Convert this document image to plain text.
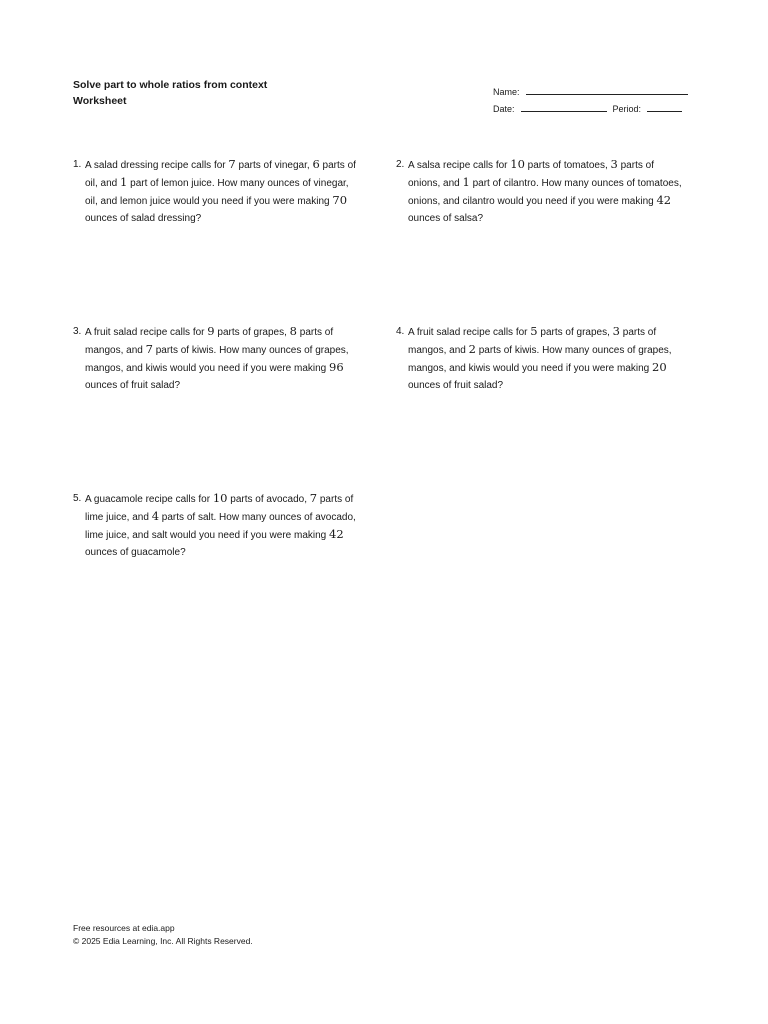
Solve part to whole ratios from context
Worksheet
Name:
Date:	Period:
1. A salad dressing recipe calls for 7 parts of vinegar, 6 parts of oil, and 1 part of lemon juice. How many ounces of vinegar, oil, and lemon juice would you need if you were making 70 ounces of salad dressing?
2. A salsa recipe calls for 10 parts of tomatoes, 3 parts of onions, and 1 part of cilantro. How many ounces of tomatoes, onions, and cilantro would you need if you were making 42 ounces of salsa?
3. A fruit salad recipe calls for 9 parts of grapes, 8 parts of mangos, and 7 parts of kiwis. How many ounces of grapes, mangos, and kiwis would you need if you were making 96 ounces of fruit salad?
4. A fruit salad recipe calls for 5 parts of grapes, 3 parts of mangos, and 2 parts of kiwis. How many ounces of grapes, mangos, and kiwis would you need if you were making 20 ounces of fruit salad?
5. A guacamole recipe calls for 10 parts of avocado, 7 parts of lime juice, and 4 parts of salt. How many ounces of avocado, lime juice, and salt would you need if you were making 42 ounces of guacamole?
Free resources at edia.app
© 2025 Edia Learning, Inc. All Rights Reserved.
